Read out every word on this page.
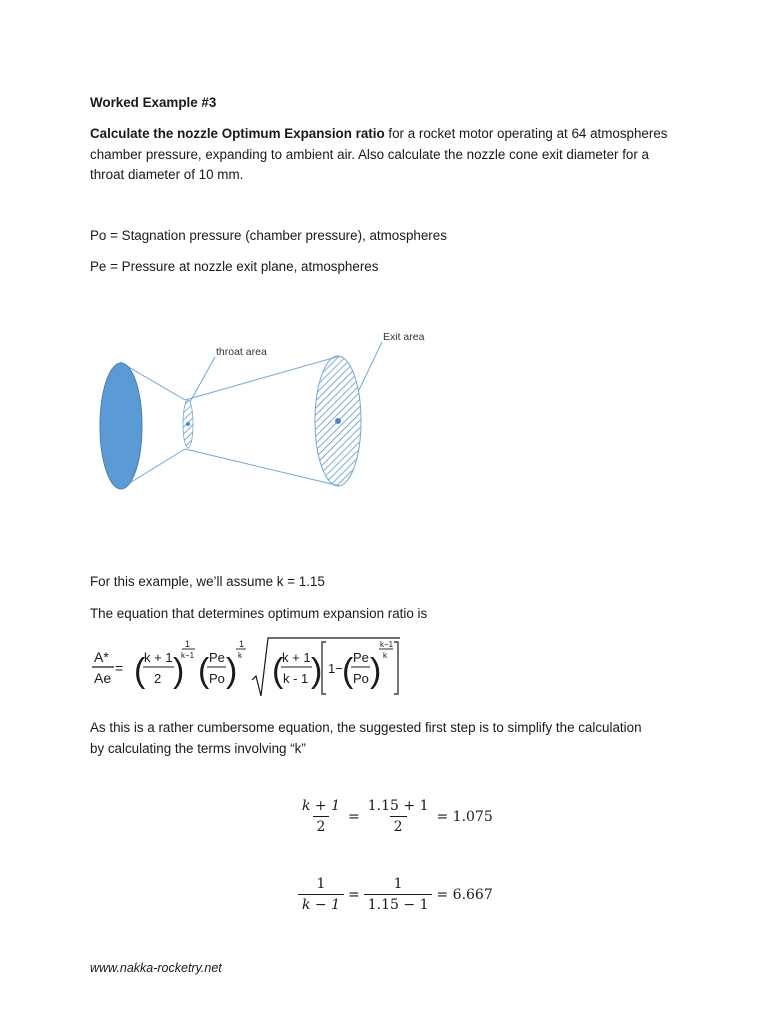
Worked Example #3

Calculate the nozzle Optimum Expansion ratio for a rocket motor operating at 64 atmospheres
chamber pressure, expanding to ambient air. Also calculate the nozzle cone exit diameter for a
throat diameter of 10 mm.

Po = Stagnation pressure (chamber pressure), atmospheres

Pe = Pressure at nozzle exit plane, atmospheres

throat area
Exit area

For this example, we’ll assume k = 1.15

The equation that determines optimum expansion ratio is

A*
Ae
= (
k + 1
2 )
1
k−1 ( Pe
Po )
1
k (
k + 1
k - 1 ) 1− ( Pe
Po )
k−1
k

As this is a rather cumbersome equation, the suggested first step is to simplify the calculation
by calculating the terms involving “k”

$\frac{k + 1}{2} = \frac{1.15 + 1}{2} = 1.075$
$\frac{1}{k - 1} = \frac{1}{1.15 - 1} = 6.667$
www.nakka-rocketry.net
